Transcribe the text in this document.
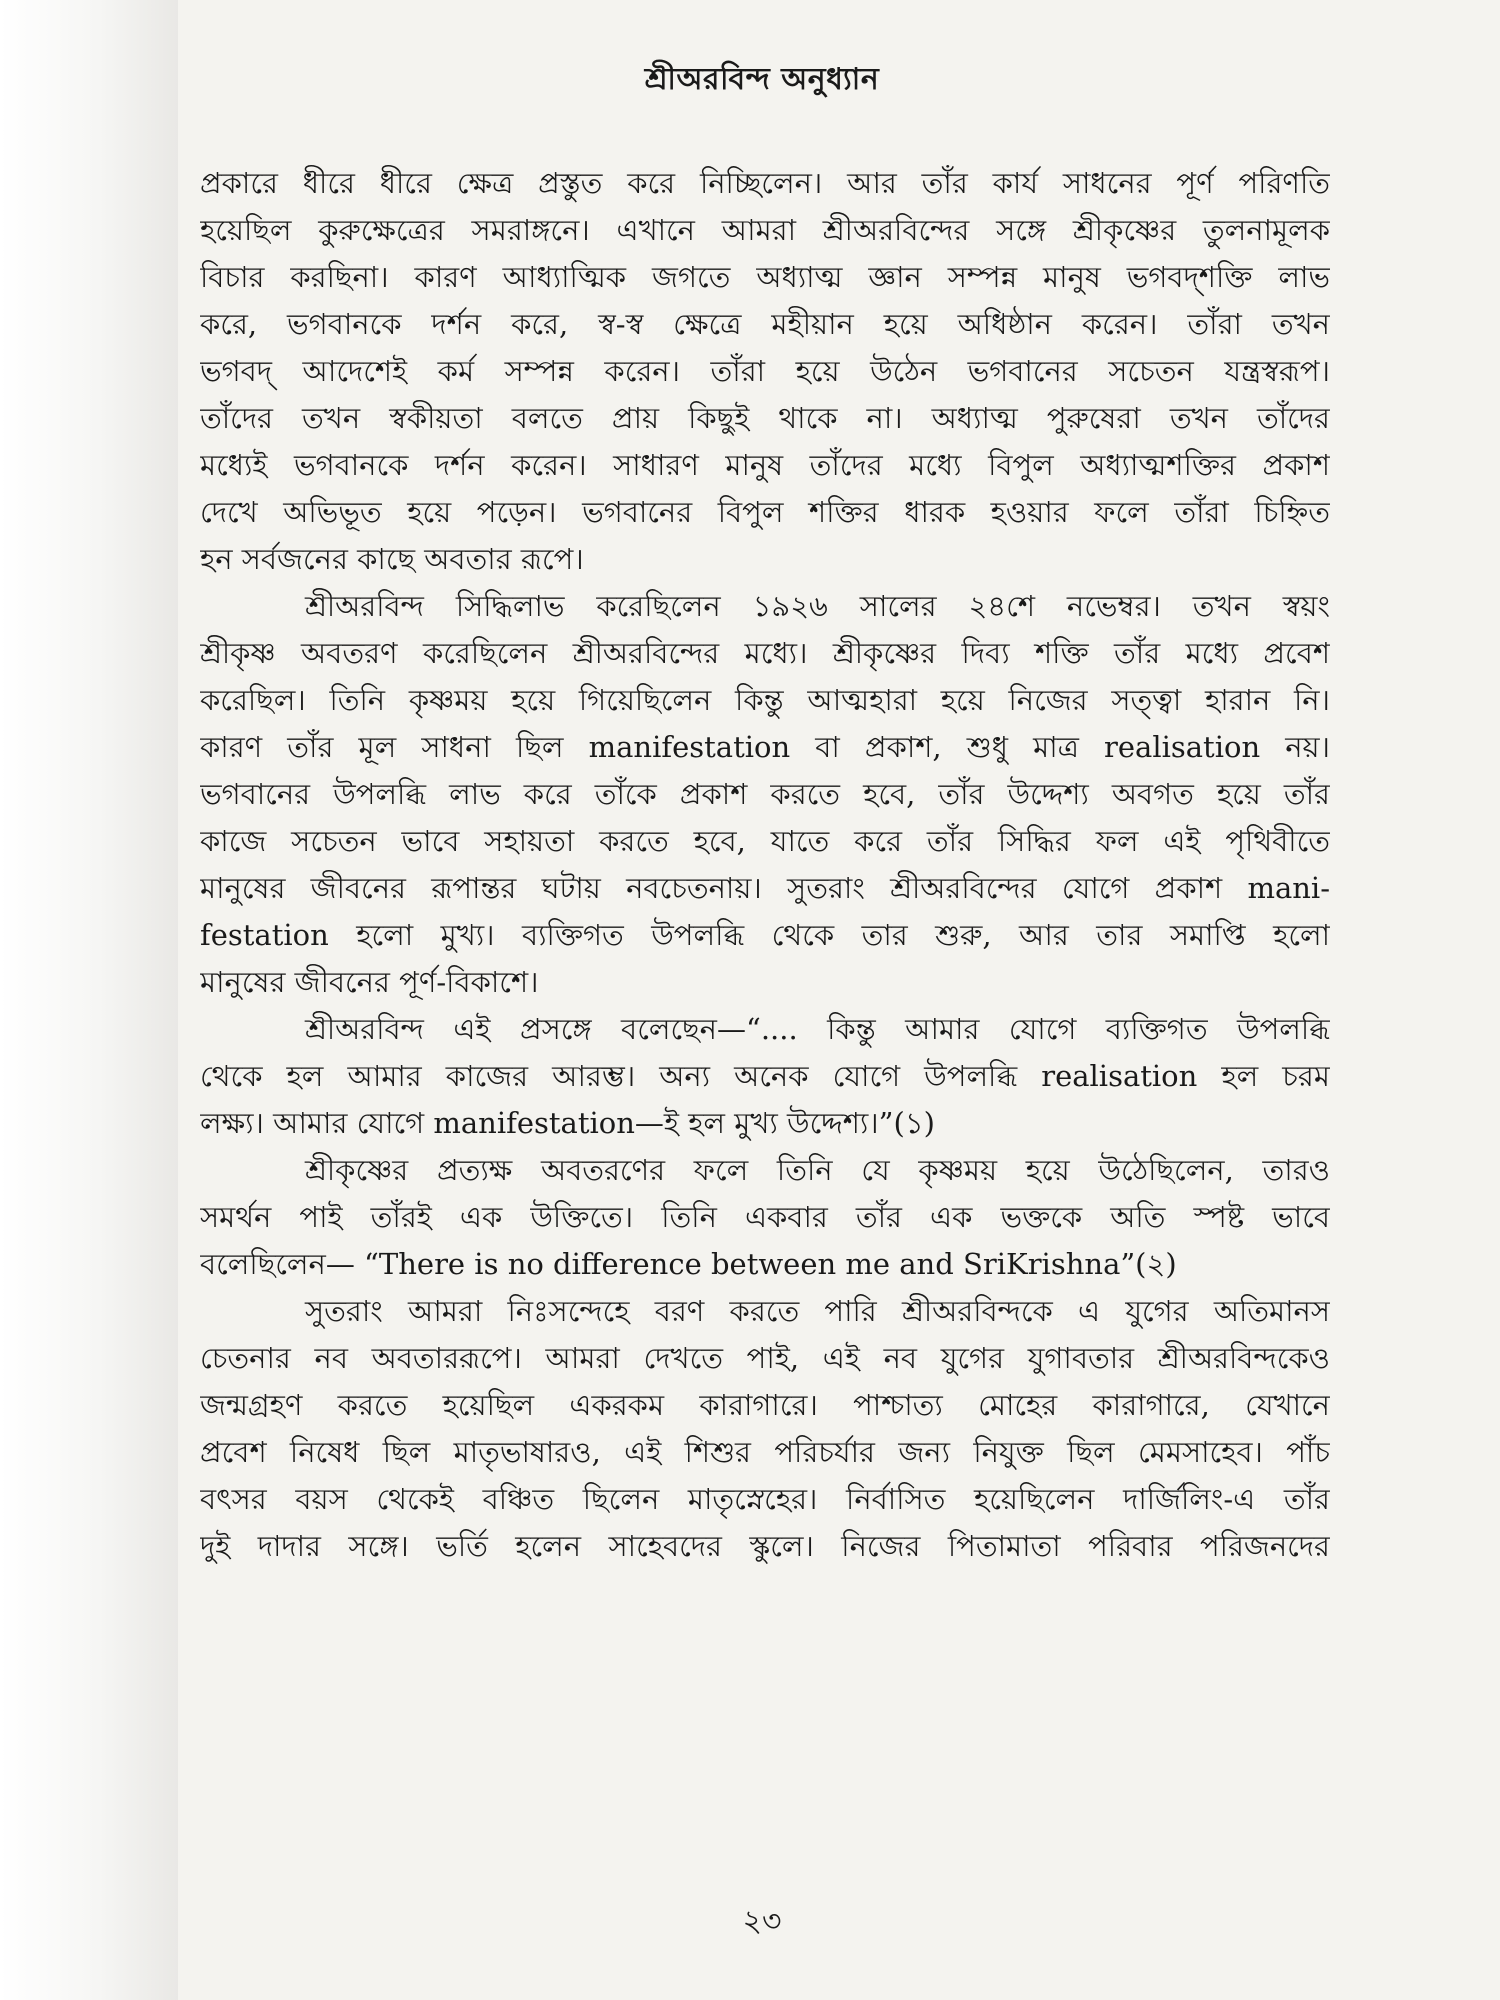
শ্রীঅরবিন্দ অনুধ্যান
প্রকারে ধীরে ধীরে ক্ষেত্র প্রস্তুত করে নিচ্ছিলেন। আর তাঁর কার্য সাধনের পূর্ণ পরিণতি
হয়েছিল কুরুক্ষেত্রের সমরাঙ্গনে। এখানে আমরা শ্রীঅরবিন্দের সঙ্গে শ্রীকৃষ্ণের তুলনামূলক
বিচার করছিনা। কারণ আধ্যাত্মিক জগতে অধ্যাত্ম জ্ঞান সম্পন্ন মানুষ ভগবদ্‌শক্তি লাভ
করে, ভগবানকে দর্শন করে, স্ব-স্ব ক্ষেত্রে মহীয়ান হয়ে অধিষ্ঠান করেন। তাঁরা তখন
ভগবদ্‌ আদেশেই কর্ম সম্পন্ন করেন। তাঁরা হয়ে উঠেন ভগবানের সচেতন যন্ত্রস্বরূপ।
তাঁদের তখন স্বকীয়তা বলতে প্রায় কিছুই থাকে না। অধ্যাত্ম পুরুষেরা তখন তাঁদের
মধ্যেই ভগবানকে দর্শন করেন। সাধারণ মানুষ তাঁদের মধ্যে বিপুল অধ্যাত্মশক্তির প্রকাশ
দেখে অভিভূত হয়ে পড়েন। ভগবানের বিপুল শক্তির ধারক হওয়ার ফলে তাঁরা চিহ্নিত
হন সর্বজনের কাছে অবতার রূপে।
শ্রীঅরবিন্দ সিদ্ধিলাভ করেছিলেন ১৯২৬ সালের ২৪শে নভেম্বর। তখন স্বয়ং
শ্রীকৃষ্ণ অবতরণ করেছিলেন শ্রীঅরবিন্দের মধ্যে। শ্রীকৃষ্ণের দিব্য শক্তি তাঁর মধ্যে প্রবেশ
করেছিল। তিনি কৃষ্ণময় হয়ে গিয়েছিলেন কিন্তু আত্মহারা হয়ে নিজের সত্ত্বা হারান নি।
কারণ তাঁর মূল সাধনা ছিল manifestation বা প্রকাশ, শুধু মাত্র realisation নয়।
ভগবানের উপলব্ধি লাভ করে তাঁকে প্রকাশ করতে হবে, তাঁর উদ্দেশ্য অবগত হয়ে তাঁর
কাজে সচেতন ভাবে সহায়তা করতে হবে, যাতে করে তাঁর সিদ্ধির ফল এই পৃথিবীতে
মানুষের জীবনের রূপান্তর ঘটায় নবচেতনায়। সুতরাং শ্রীঅরবিন্দের যোগে প্রকাশ mani-
festation হলো মুখ্য। ব্যক্তিগত উপলব্ধি থেকে তার শুরু, আর তার সমাপ্তি হলো
মানুষের জীবনের পূর্ণ-বিকাশে।
শ্রীঅরবিন্দ এই প্রসঙ্গে বলেছেন—“.... কিন্তু আমার যোগে ব্যক্তিগত উপলব্ধি
থেকে হল আমার কাজের আরম্ভ। অন্য অনেক যোগে উপলব্ধি realisation হল চরম
লক্ষ্য। আমার যোগে manifestation—ই হল মুখ্য উদ্দেশ্য।”(১)
শ্রীকৃষ্ণের প্রত্যক্ষ অবতরণের ফলে তিনি যে কৃষ্ণময় হয়ে উঠেছিলেন, তারও
সমর্থন পাই তাঁরই এক উক্তিতে। তিনি একবার তাঁর এক ভক্তকে অতি স্পষ্ট ভাবে
বলেছিলেন— “There is no difference between me and SriKrishna”(২)
সুতরাং আমরা নিঃসন্দেহে বরণ করতে পারি শ্রীঅরবিন্দকে এ যুগের অতিমানস
চেতনার নব অবতাররূপে। আমরা দেখতে পাই, এই নব যুগের যুগাবতার শ্রীঅরবিন্দকেও
জন্মগ্রহণ করতে হয়েছিল একরকম কারাগারে। পাশ্চাত্য মোহের কারাগারে, যেখানে
প্রবেশ নিষেধ ছিল মাতৃভাষারও, এই শিশুর পরিচর্যার জন্য নিযুক্ত ছিল মেমসাহেব। পাঁচ
বৎসর বয়স থেকেই বঞ্চিত ছিলেন মাতৃস্নেহের। নির্বাসিত হয়েছিলেন দার্জিলিং-এ তাঁর
দুই দাদার সঙ্গে। ভর্তি হলেন সাহেবদের স্কুলে। নিজের পিতামাতা পরিবার পরিজনদের
২৩
